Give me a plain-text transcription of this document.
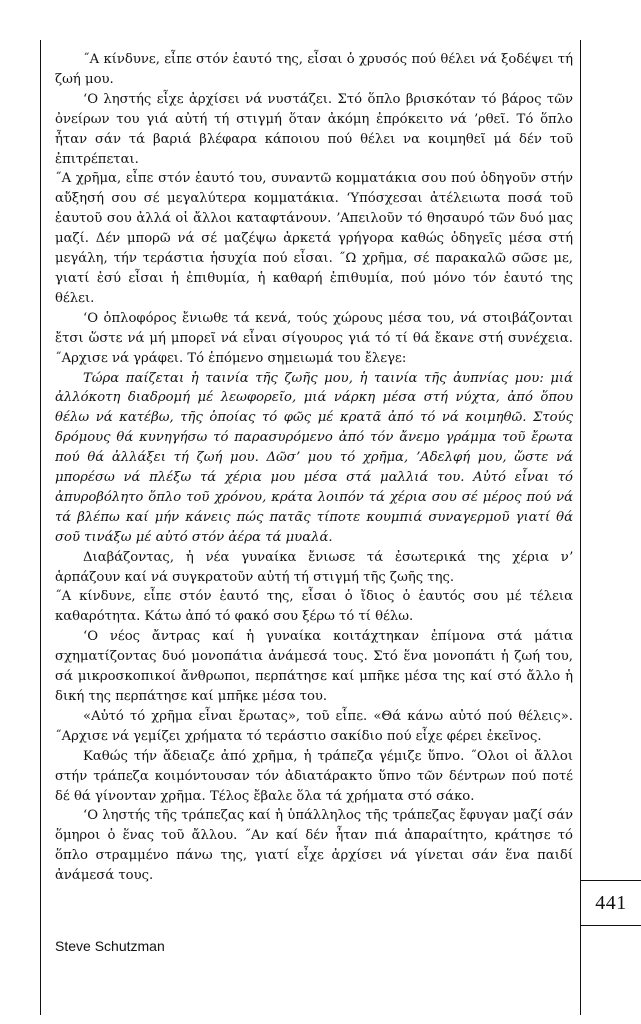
˝Α κίνδυνε, εἶπε στόν ἑαυτό της, εἶσαι ὁ χρυσός πού θέλει νά ξοδέψει τή ζωή μου.

ʻΟ ληστής εἶχε ἀρχίσει νά νυστάζει. Στό ὅπλο βρισκόταν τό βάρος τῶν ὀνείρων του γιά αὐτή τή στιγμή ὅταν ἀκόμη ἐπρόκειτο νά ʼρθεῖ. Τό ὅπλο ἦταν σάν τά βαριά βλέφαρα κάποιου πού θέλει να κοιμηθεῖ μά δέν τοῦ ἐπιτρέπεται.

˝Α χρῆμα, εἶπε στόν ἑαυτό του, συναντῶ κομματάκια σου πού ὁδηγοῦν στήν αὔξησή σου σέ μεγαλύτερα κομματάκια. ʻΥπόσχεσαι ἀτέλειωτα ποσά τοῦ ἑαυτοῦ σου ἀλλά οἱ ἄλλοι καταφτάνουν. ʼΑπειλοῦν τό θησαυρό τῶν δυό μας μαζί. Δέν μπορῶ νά σέ μαζέψω ἀρκετά γρήγορα καθώς ὁδηγεῖς μέσα στή μεγάλη, τήν τεράστια ἡσυχία πού εἶσαι. ˝Ω χρῆμα, σέ παρακαλῶ σῶσε με, γιατί ἐσύ εἶσαι ἡ ἐπιθυμία, ἡ καθαρή ἐπιθυμία, πού μόνο τόν ἑαυτό της θέλει.

ʻΟ ὁπλοφόρος ἔνιωθε τά κενά, τούς χώρους μέσα του, νά στοιβάζονται ἔτσι ὥστε νά μή μπορεῖ νά εἶναι σίγουρος γιά τό τί θά ἔκανε στή συνέχεια. ˝Αρχισε νά γράφει. Τό ἑπόμενο σημειωμά του ἔλεγε:

Τώρα παίζεται ἡ ταινία τῆς ζωῆς μου, ἡ ταινία τῆς ἀυπνίας μου: μιά ἀλλόκοτη διαδρομή μέ λεωφορεῖο, μιά νάρκη μέσα στή νύχτα, ἀπό ὅπου θέλω νά κατέβω, τῆς ὁποίας τό φῶς μέ κρατᾶ ἀπό τό νά κοιμηθῶ. Στούς δρόμους θά κυνηγήσω τό παρασυρόμενο ἀπό τόν ἄνεμο γράμμα τοῦ ἔρωτα πού θά ἀλλάξει τή ζωή μου. Δῶσʼ μου τό χρῆμα, ʼΑδελφή μου, ὥστε νά μπορέσω νά πλέξω τά χέρια μου μέσα στά μαλλιά του. Αὐτό εἶναι τό ἀπυροβόλητο ὅπλο τοῦ χρόνου, κράτα λοιπόν τά χέρια σου σέ μέρος πού νά τά βλέπω καί μήν κάνεις πώς πατᾶς τίποτε κουμπιά συναγερμοῦ γιατί θά σοῦ τινάξω μέ αὐτό στόν ἀέρα τά μυαλά.

Διαβάζοντας, ἡ νέα γυναίκα ἔνιωσε τά ἐσωτερικά της χέρια νʼ ἁρπάζουν καί νά συγκρατοῦν αὐτή τή στιγμή τῆς ζωῆς της.

˝Α κίνδυνε, εἶπε στόν ἑαυτό της, εἶσαι ὁ ἴδιος ὁ ἑαυτός σου μέ τέλεια καθαρότητα. Κάτω ἀπό τό φακό σου ξέρω τό τί θέλω.

ʻΟ νέος ἄντρας καί ἡ γυναίκα κοιτάχτηκαν ἐπίμονα στά μάτια σχηματίζοντας δυό μονοπάτια ἀνάμεσά τους. Στό ἕνα μονοπάτι ἡ ζωή του, σά μικροσκοπικοί ἄνθρωποι, περπάτησε καί μπῆκε μέσα της καί στό ἄλλο ἡ δική της περπάτησε καί μπῆκε μέσα του.

«Αὐτό τό χρῆμα εἶναι ἔρωτας», τοῦ εἶπε. «Θά κάνω αὐτό πού θέλεις». ˝Αρχισε νά γεμίζει χρήματα τό τεράστιο σακίδιο πού εἶχε φέρει ἐκεῖνος.

Καθώς τήν ἄδειαζε ἀπό χρῆμα, ἡ τράπεζα γέμιζε ὕπνο. ˝Ολοι οἱ ἄλλοι στήν τράπεζα κοιμόντουσαν τόν ἀδιατάρακτο ὕπνο τῶν δέντρων πού ποτέ δέ θά γίνονταν χρῆμα. Τέλος ἔβαλε ὅλα τά χρήματα στό σάκο.

ʻΟ ληστής τῆς τράπεζας καί ἡ ὑπάλληλος τῆς τράπεζας ἔφυγαν μαζί σάν ὅμηροι ὁ ἕνας τοῦ ἄλλου. ˝Αν καί δέν ἦταν πιά ἀπαραίτητο, κράτησε τό ὅπλο στραμμένο πάνω της, γιατί εἶχε ἀρχίσει νά γίνεται σάν ἕνα παιδί ἀνάμεσά τους.

441
Steve Schutzman
